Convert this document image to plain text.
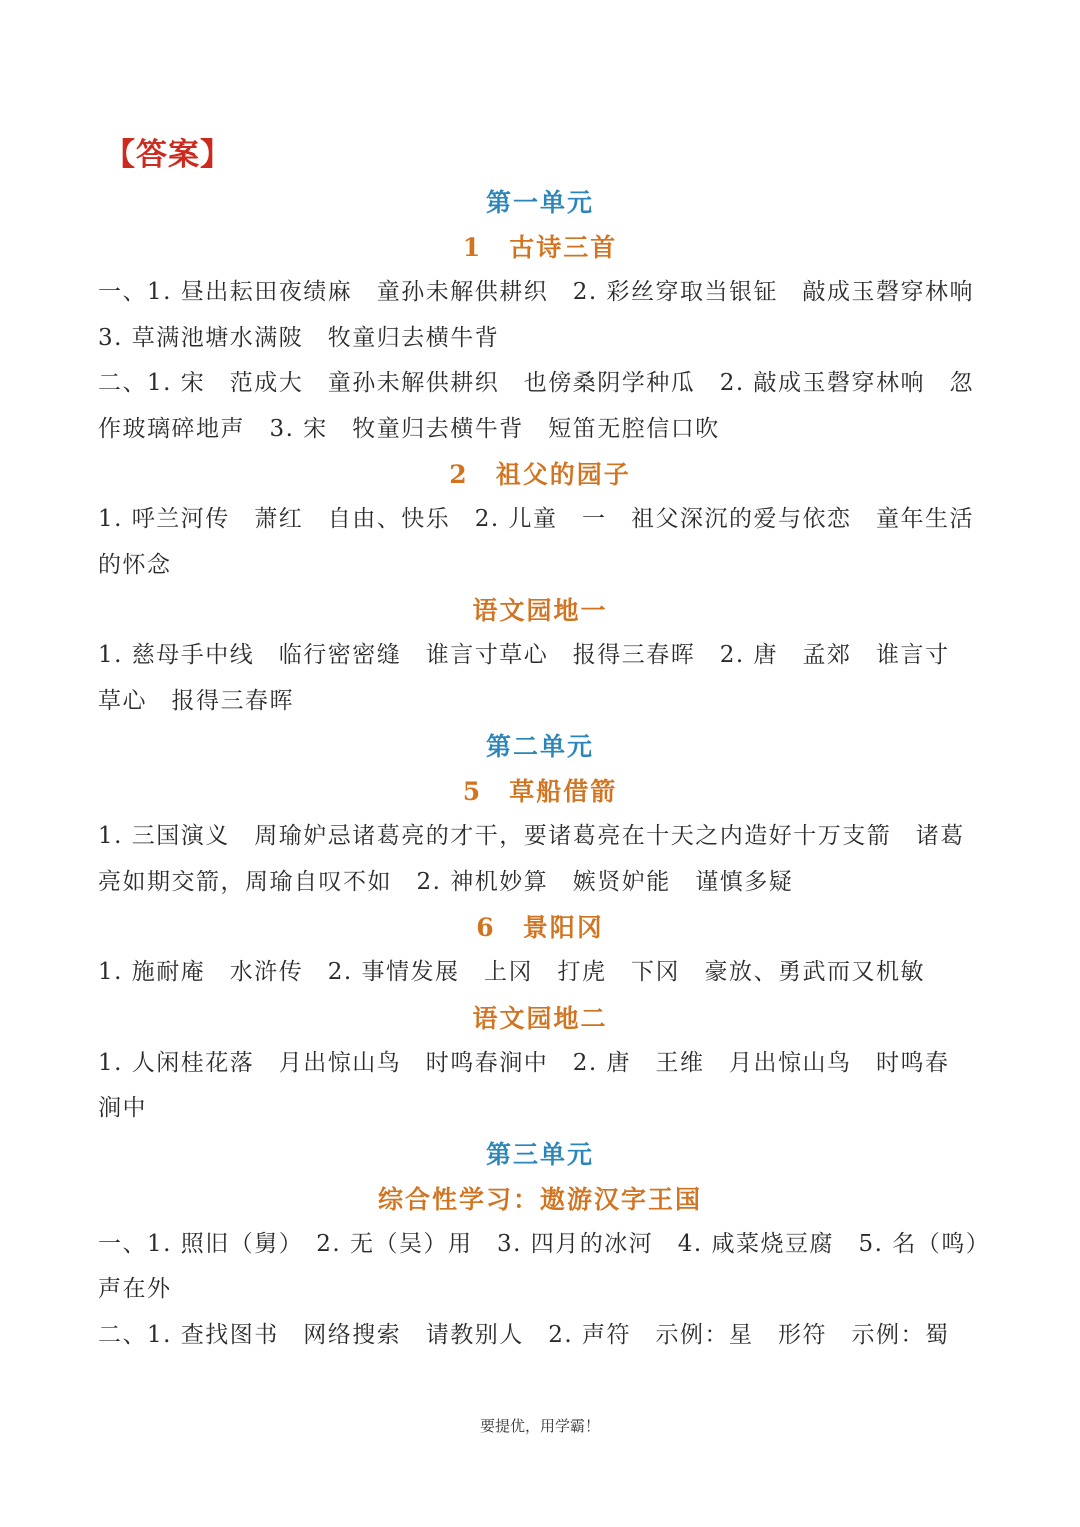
【答案】
第一单元
1　古诗三首
一、1. 昼出耘田夜绩麻　童孙未解供耕织　2. 彩丝穿取当银钲　敲成玉磬穿林响
3. 草满池塘水满陂　牧童归去横牛背
二、1. 宋　范成大　童孙未解供耕织　也傍桑阴学种瓜　2. 敲成玉磬穿林响　忽
作玻璃碎地声　3. 宋　牧童归去横牛背　短笛无腔信口吹
2　祖父的园子
1. 呼兰河传　萧红　自由、快乐　2. 儿童　一　祖父深沉的爱与依恋　童年生活
的怀念
语文园地一
1. 慈母手中线　临行密密缝　谁言寸草心　报得三春晖　2. 唐　孟郊　谁言寸
草心　报得三春晖
第二单元
5　草船借箭
1. 三国演义　周瑜妒忌诸葛亮的才干，要诸葛亮在十天之内造好十万支箭　诸葛
亮如期交箭，周瑜自叹不如　2. 神机妙算　嫉贤妒能　谨慎多疑
6　景阳冈
1. 施耐庵　水浒传　2. 事情发展　上冈　打虎　下冈　豪放、勇武而又机敏
语文园地二
1. 人闲桂花落　月出惊山鸟　时鸣春涧中　2. 唐　王维　月出惊山鸟　时鸣春
涧中
第三单元
综合性学习：遨游汉字王国
一、1. 照旧（舅）　2. 无（吴）用　3. 四月的冰河　4. 咸菜烧豆腐　5. 名（鸣）
声在外
二、1. 查找图书　网络搜索　请教别人　2. 声符　示例：星　形符　示例：蜀
要提优，用学霸！
